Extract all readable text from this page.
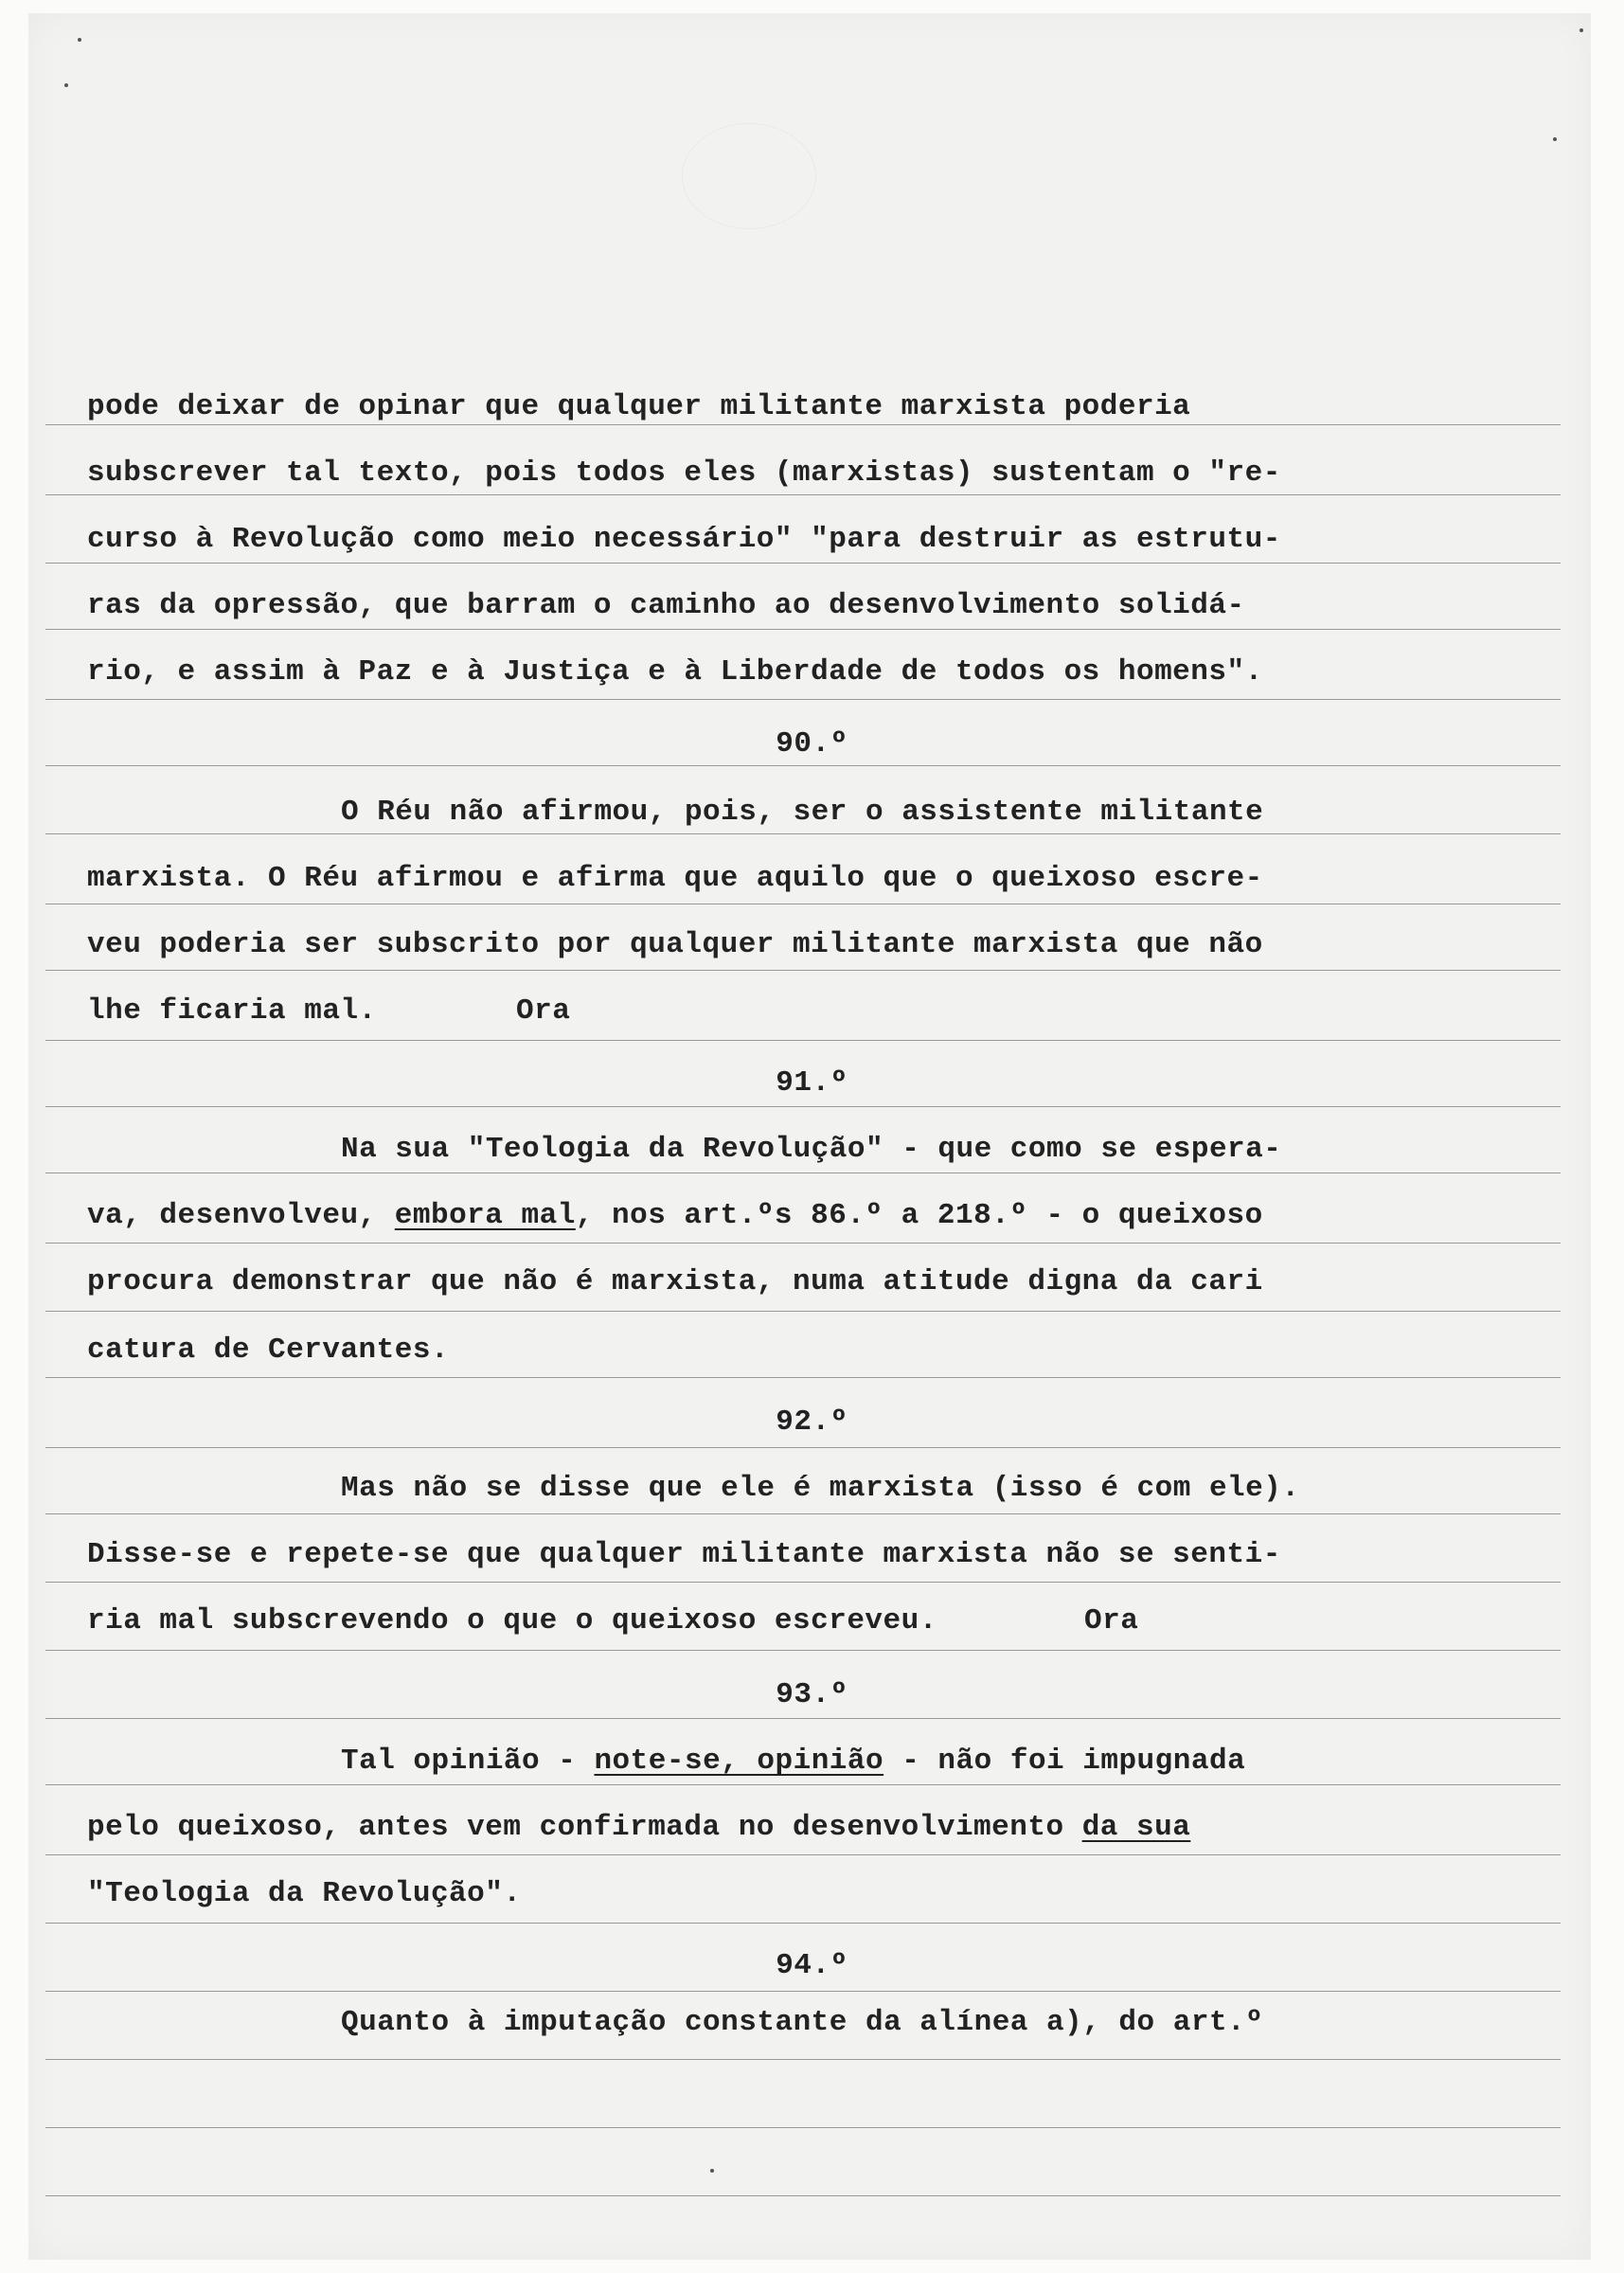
pode deixar de opinar que qualquer militante marxista poderia
subscrever tal texto, pois todos eles (marxistas) sustentam o "re-
curso à Revolução como meio necessário" "para destruir as estrutu-
ras da opressão, que barram o caminho ao desenvolvimento solidá-
rio, e assim à Paz e à Justiça e à Liberdade de todos os homens".
90.º
O Réu não afirmou, pois, ser o assistente militante
marxista. O Réu afirmou e afirma que aquilo que o queixoso escre-
veu poderia ser subscrito por qualquer militante marxista que não
lhe ficaria mal.	Ora
91.º
Na sua "Teologia da Revolução" - que como se espera-
va, desenvolveu, embora mal, nos art.ºs 86.º a 218.º - o queixoso
procura demonstrar que não é marxista, numa atitude digna da cari
catura de Cervantes.
92.º
Mas não se disse que ele é marxista (isso é com ele).
Disse-se e repete-se que qualquer militante marxista não se senti-
ria mal subscrevendo o que o queixoso escreveu.	Ora
93.º
Tal opinião - note-se, opinião - não foi impugnada
pelo queixoso, antes vem confirmada no desenvolvimento da sua
"Teologia da Revolução".
94.º
Quanto à imputação constante da alínea a), do art.º
